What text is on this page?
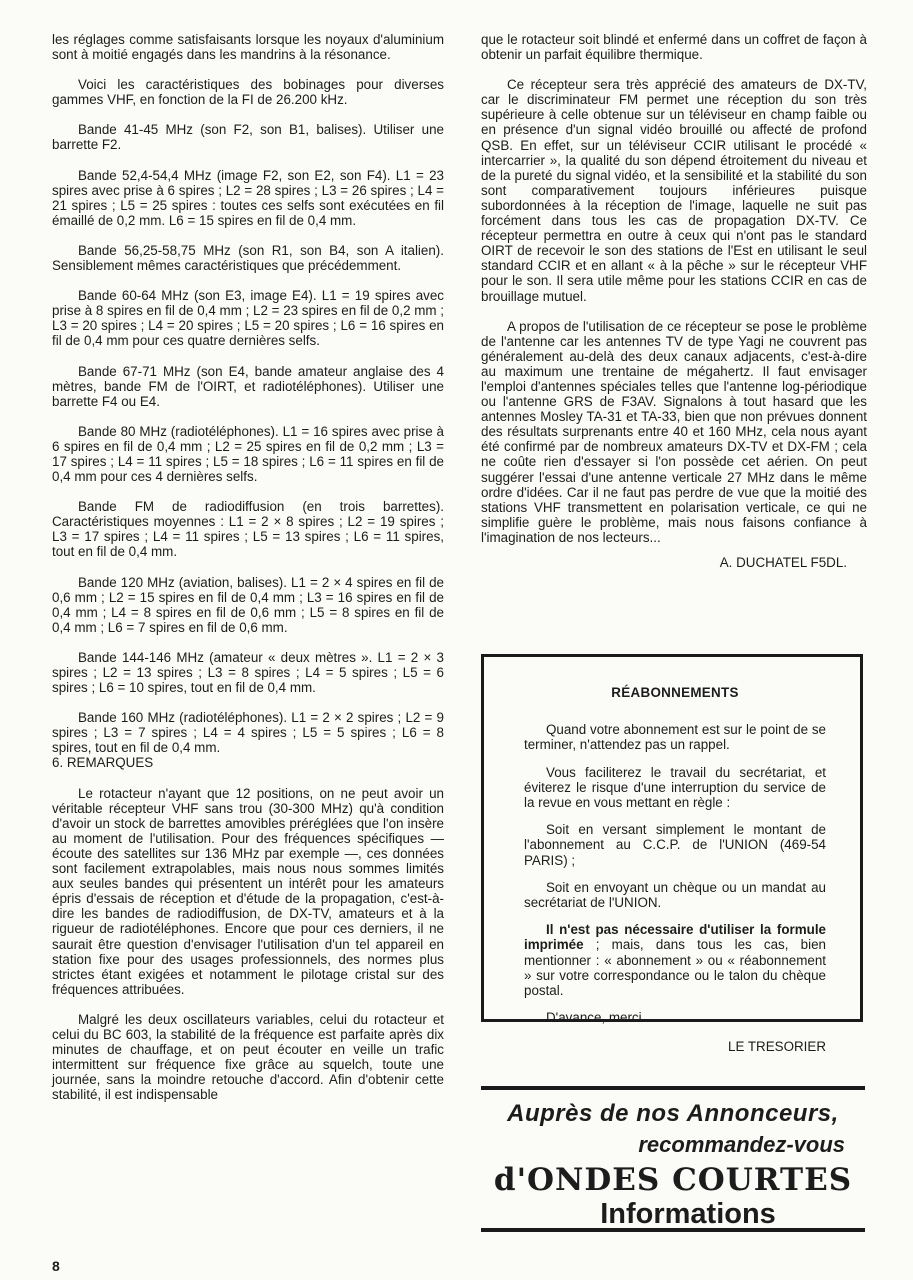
les réglages comme satisfaisants lorsque les noyaux d'aluminium sont à moitié engagés dans les mandrins à la résonance.

Voici les caractéristiques des bobinages pour diverses gammes VHF, en fonction de la FI de 26.200 kHz.

Bande 41-45 MHz (son F2, son B1, balises). Utiliser une barrette F2.

Bande 52,4-54,4 MHz (image F2, son E2, son F4). L1 = 23 spires avec prise à 6 spires ; L2 = 28 spires ; L3 = 26 spires ; L4 = 21 spires ; L5 = 25 spires : toutes ces selfs sont exécutées en fil émaillé de 0,2 mm. L6 = 15 spires en fil de 0,4 mm.

Bande 56,25-58,75 MHz (son R1, son B4, son A italien). Sensiblement mêmes caractéristiques que précédemment.

Bande 60-64 MHz (son E3, image E4). L1 = 19 spires avec prise à 8 spires en fil de 0,4 mm ; L2 = 23 spires en fil de 0,2 mm ; L3 = 20 spires ; L4 = 20 spires ; L5 = 20 spires ; L6 = 16 spires en fil de 0,4 mm pour ces quatre dernières selfs.

Bande 67-71 MHz (son E4, bande amateur anglaise des 4 mètres, bande FM de l'OIRT, et radiotéléphones). Utiliser une barrette F4 ou E4.

Bande 80 MHz (radiotéléphones). L1 = 16 spires avec prise à 6 spires en fil de 0,4 mm ; L2 = 25 spires en fil de 0,2 mm ; L3 = 17 spires ; L4 = 11 spires ; L5 = 18 spires ; L6 = 11 spires en fil de 0,4 mm pour ces 4 dernières selfs.

Bande FM de radiodiffusion (en trois barrettes). Caractéristiques moyennes : L1 = 2 × 8 spires ; L2 = 19 spires ; L3 = 17 spires ; L4 = 11 spires ; L5 = 13 spires ; L6 = 11 spires, tout en fil de 0,4 mm.

Bande 120 MHz (aviation, balises). L1 = 2 × 4 spires en fil de 0,6 mm ; L2 = 15 spires en fil de 0,4 mm ; L3 = 16 spires en fil de 0,4 mm ; L4 = 8 spires en fil de 0,6 mm ; L5 = 8 spires en fil de 0,4 mm ; L6 = 7 spires en fil de 0,6 mm.

Bande 144-146 MHz (amateur « deux mètres ». L1 = 2 × 3 spires ; L2 = 13 spires ; L3 = 8 spires ; L4 = 5 spires ; L5 = 6 spires ; L6 = 10 spires, tout en fil de 0,4 mm.

Bande 160 MHz (radiotéléphones). L1 = 2 × 2 spires ; L2 = 9 spires ; L3 = 7 spires ; L4 = 4 spires ; L5 = 5 spires ; L6 = 8 spires, tout en fil de 0,4 mm.

6. REMARQUES

Le rotacteur n'ayant que 12 positions, on ne peut avoir un véritable récepteur VHF sans trou (30-300 MHz) qu'à condition d'avoir un stock de barrettes amovibles préréglées que l'on insère au moment de l'utilisation. Pour des fréquences spécifiques — écoute des satellites sur 136 MHz par exemple —, ces données sont facilement extrapolables, mais nous nous sommes limités aux seules bandes qui présentent un intérêt pour les amateurs épris d'essais de réception et d'étude de la propagation, c'est-à-dire les bandes de radiodiffusion, de DX-TV, amateurs et à la rigueur de radiotéléphones. Encore que pour ces derniers, il ne saurait être question d'envisager l'utilisation d'un tel appareil en station fixe pour des usages professionnels, des normes plus strictes étant exigées et notamment le pilotage cristal sur des fréquences attribuées.

Malgré les deux oscillateurs variables, celui du rotacteur et celui du BC 603, la stabilité de la fréquence est parfaite après dix minutes de chauffage, et on peut écouter en veille un trafic intermittent sur fréquence fixe grâce au squelch, toute une journée, sans la moindre retouche d'accord. Afin d'obtenir cette stabilité, il est indispensable

que le rotacteur soit blindé et enfermé dans un coffret de façon à obtenir un parfait équilibre thermique.

Ce récepteur sera très apprécié des amateurs de DX-TV, car le discriminateur FM permet une réception du son très supérieure à celle obtenue sur un téléviseur en champ faible ou en présence d'un signal vidéo brouillé ou affecté de profond QSB. En effet, sur un téléviseur CCIR utilisant le procédé « intercarrier », la qualité du son dépend étroitement du niveau et de la pureté du signal vidéo, et la sensibilité et la stabilité du son sont comparativement toujours inférieures puisque subordonnées à la réception de l'image, laquelle ne suit pas forcément dans tous les cas de propagation DX-TV. Ce récepteur permettra en outre à ceux qui n'ont pas le standard OIRT de recevoir le son des stations de l'Est en utilisant le seul standard CCIR et en allant « à la pêche » sur le récepteur VHF pour le son. Il sera utile même pour les stations CCIR en cas de brouillage mutuel.

A propos de l'utilisation de ce récepteur se pose le problème de l'antenne car les antennes TV de type Yagi ne couvrent pas généralement au-delà des deux canaux adjacents, c'est-à-dire au maximum une trentaine de mégahertz. Il faut envisager l'emploi d'antennes spéciales telles que l'antenne log-périodique ou l'antenne GRS de F3AV. Signalons à tout hasard que les antennes Mosley TA-31 et TA-33, bien que non prévues donnent des résultats surprenants entre 40 et 160 MHz, cela nous ayant été confirmé par de nombreux amateurs DX-TV et DX-FM ; cela ne coûte rien d'essayer si l'on possède cet aérien. On peut suggérer l'essai d'une antenne verticale 27 MHz dans le même ordre d'idées. Car il ne faut pas perdre de vue que la moitié des stations VHF transmettent en polarisation verticale, ce qui ne simplifie guère le problème, mais nous faisons confiance à l'imagination de nos lecteurs...

A. DUCHATEL F5DL.
RÉABONNEMENTS

Quand votre abonnement est sur le point de se terminer, n'attendez pas un rappel.

Vous faciliterez le travail du secrétariat, et éviterez le risque d'une interruption du service de la revue en vous mettant en règle :

Soit en versant simplement le montant de l'abonnement au C.C.P. de l'UNION (469-54 PARIS) ;

Soit en envoyant un chèque ou un mandat au secrétariat de l'UNION.

Il n'est pas nécessaire d'utiliser la formule imprimée ; mais, dans tous les cas, bien mentionner : « abonnement » ou « réabonnement » sur votre correspondance ou le talon du chèque postal.

D'avance, merci.

LE TRESORIER

Auprès de nos Annonceurs,
recommandez-vous
d'ONDES COURTES
Informations
8
